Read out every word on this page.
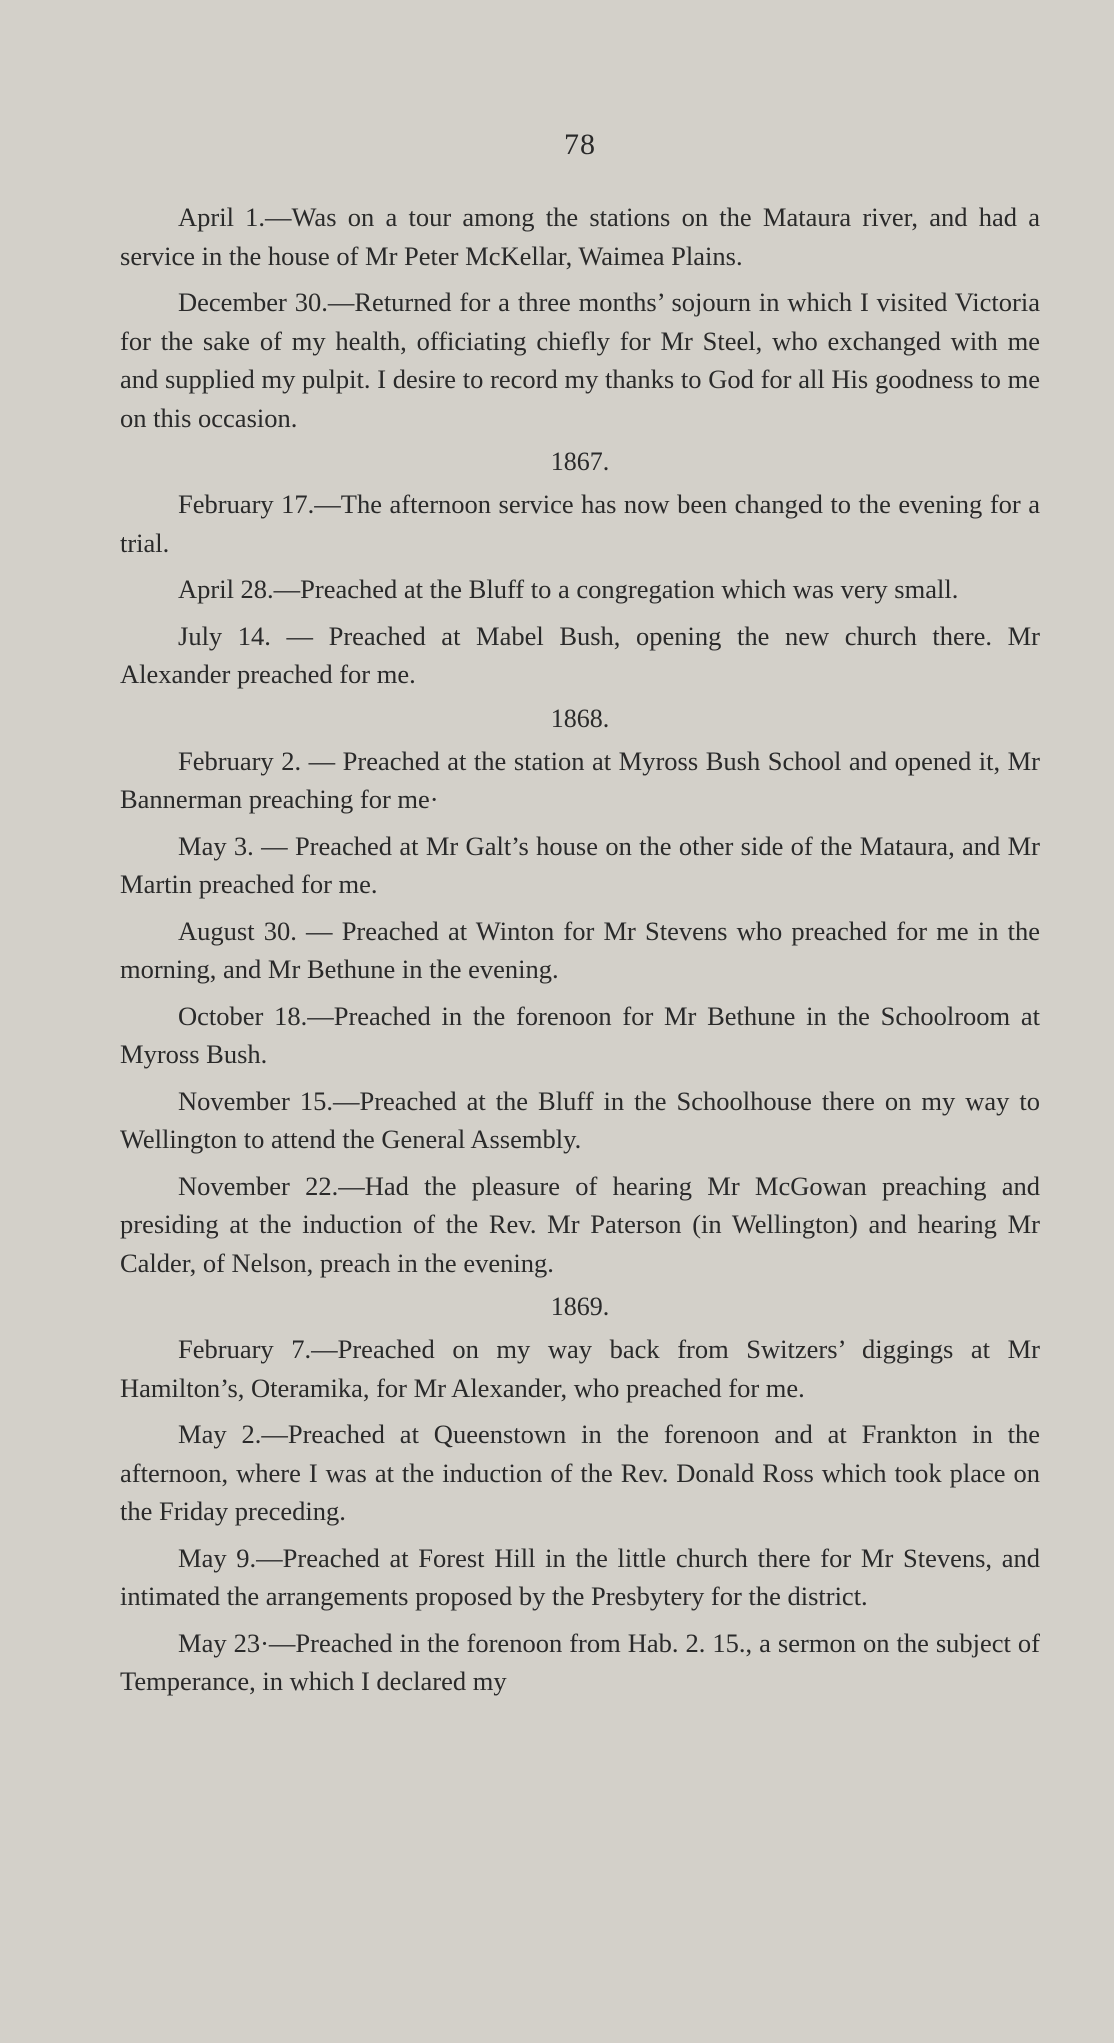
78

April 1.—Was on a tour among the stations on the Mataura river, and had a service in the house of Mr Peter McKellar, Waimea Plains.

December 30.—Returned for a three months’ sojourn in which I visited Victoria for the sake of my health, officiating chiefly for Mr Steel, who exchanged with me and supplied my pulpit. I desire to record my thanks to God for all His goodness to me on this occasion.

1867.

February 17.—The afternoon service has now been changed to the evening for a trial.

April 28.—Preached at the Bluff to a congregation which was very small.

July 14. — Preached at Mabel Bush, opening the new church there. Mr Alexander preached for me.

1868.

February 2. — Preached at the station at Myross Bush School and opened it, Mr Bannerman preaching for me·

May 3. — Preached at Mr Galt’s house on the other side of the Mataura, and Mr Martin preached for me.

August 30. — Preached at Winton for Mr Stevens who preached for me in the morning, and Mr Bethune in the evening.

October 18.—Preached in the forenoon for Mr Bethune in the Schoolroom at Myross Bush.

November 15.—Preached at the Bluff in the Schoolhouse there on my way to Wellington to attend the General Assembly.

November 22.—Had the pleasure of hearing Mr McGowan preaching and presiding at the induction of the Rev. Mr Paterson (in Wellington) and hearing Mr Calder, of Nelson, preach in the evening.

1869.

February 7.—Preached on my way back from Switzers’ diggings at Mr Hamilton’s, Oteramika, for Mr Alexander, who preached for me.

May 2.—Preached at Queenstown in the forenoon and at Frankton in the afternoon, where I was at the induction of the Rev. Donald Ross which took place on the Friday preceding.

May 9.—Preached at Forest Hill in the little church there for Mr Stevens, and intimated the arrangements proposed by the Presbytery for the district.

May 23·—Preached in the forenoon from Hab. 2. 15., a sermon on the subject of Temperance, in which I declared my
